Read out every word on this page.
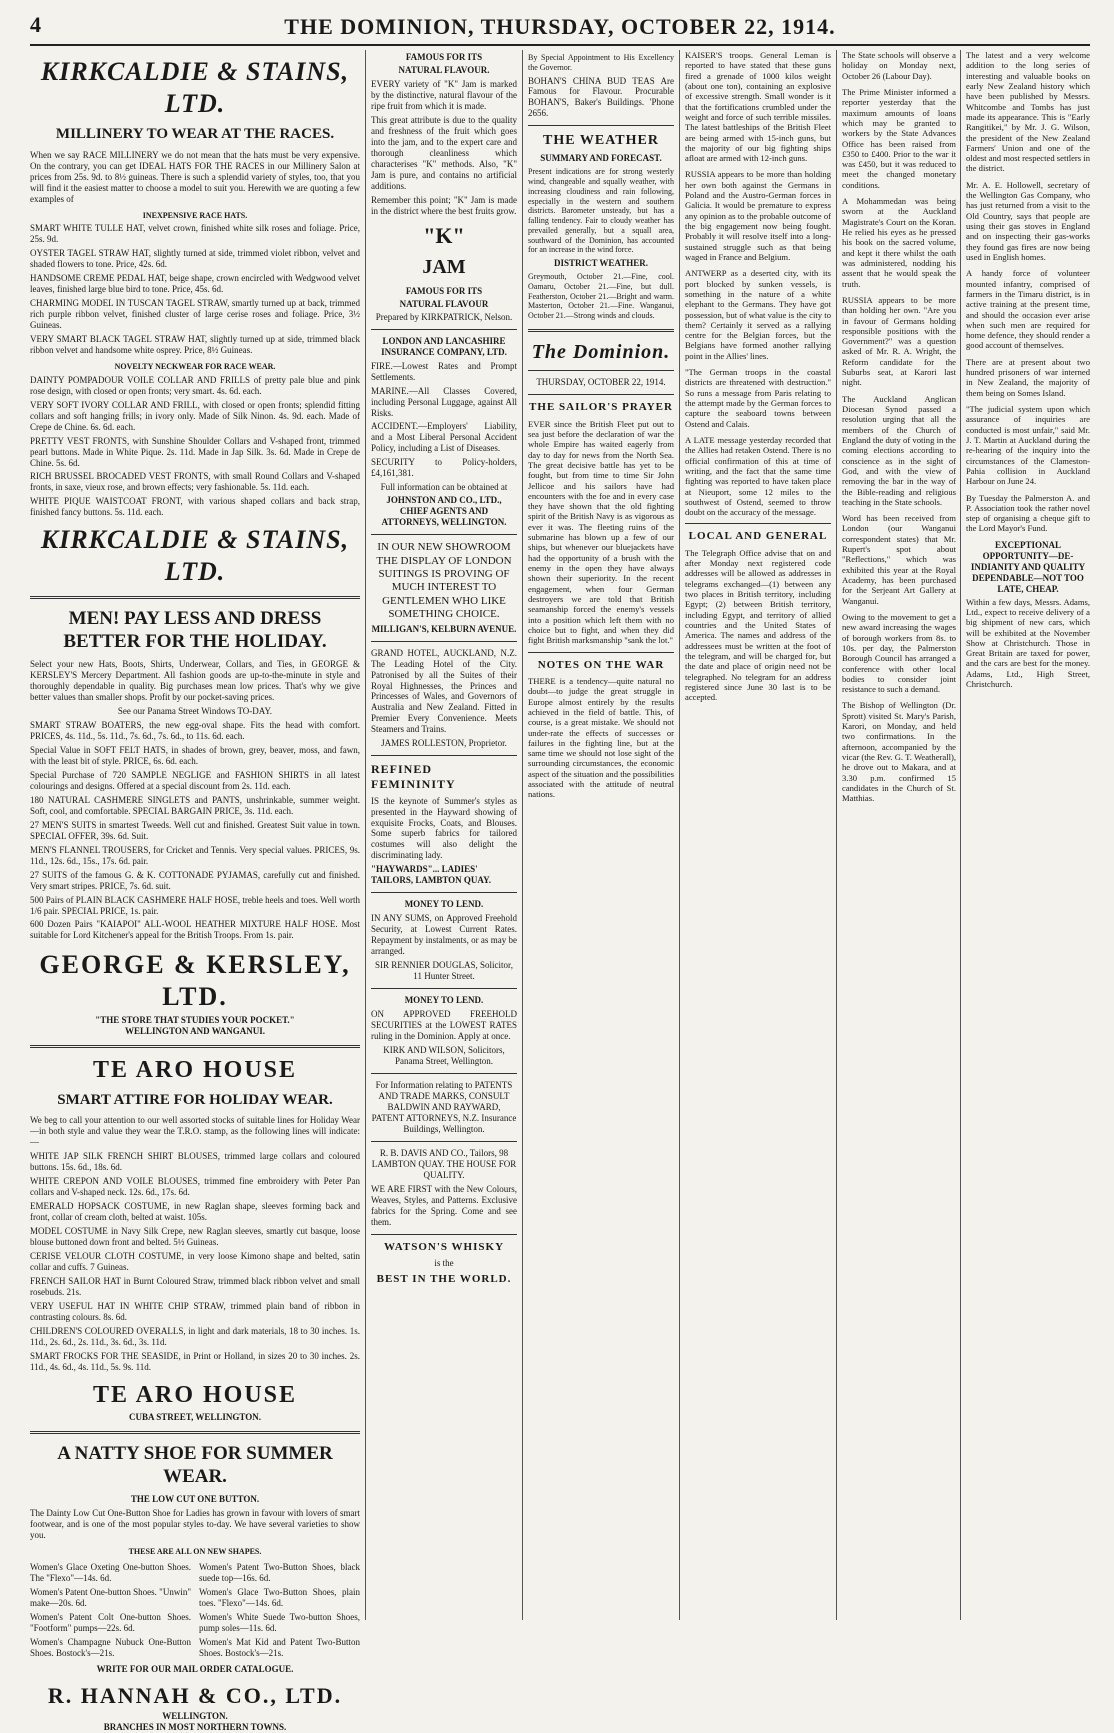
4	THE DOMINION, THURSDAY, OCTOBER 22, 1914.
KIRKCALDIE & STAINS, LTD.
MILLINERY TO WEAR AT THE RACES.
When we say RACE MILLINERY we do not mean that the hats must be very expensive. On the contrary, you can get IDEAL HATS FOR THE RACES in our Millinery Salon at prices from 25s. 9d. to 8½ guineas. There is such a splendid variety of styles, too, that you will find it the easiest matter to choose a model to suit you. Herewith we are quoting a few examples of
INEXPENSIVE RACE HATS.
SMART WHITE TULLE HAT, velvet crown, finished white silk roses and foliage. Price, 25s. 9d.
OYSTER TAGEL STRAW HAT, slightly turned at side, trimmed violet ribbon, velvet and shaded flowers to tone. Price, 42s. 6d.
HANDSOME CREME PEDAL HAT, beige shape, crown encircled with Wedgwood velvet leaves, finished large blue bird to tone. Price, 45s. 6d.
CHARMING MODEL IN TUSCAN TAGEL STRAW, smartly turned up at back, trimmed rich purple ribbon velvet, finished cluster of large cerise roses and foliage. Price, 3½ Guineas.
VERY SMART BLACK TAGEL STRAW HAT, slightly turned up at side, trimmed black ribbon velvet and handsome white osprey. Price, 8½ Guineas.
NOVELTY NECKWEAR FOR RACE WEAR.
DAINTY POMPADOUR VOILE COLLAR AND FRILLS of pretty pale blue and pink rose design, with closed or open fronts; very smart. 4s. 6d. each.
VERY SOFT IVORY COLLAR AND FRILL, with closed or open fronts; splendid fitting collars and soft hanging frills; in ivory only. Made of Silk Ninon. 4s. 9d. each. Made of Crepe de Chine. 6s. 6d. each.
PRETTY VEST FRONTS, with Sunshine Shoulder Collars and V-shaped front, trimmed pearl buttons. Made in White Pique. 2s. 11d. Made in Jap Silk. 3s. 6d. Made in Crepe de Chine. 5s. 6d.
RICH BRUSSEL BROCADED VEST FRONTS, with small Round Collars and V-shaped fronts, in saxe, vieux rose, and brown effects; very fashionable. 5s. 11d. each.
WHITE PIQUE WAISTCOAT FRONT, with various shaped collars and back strap, finished fancy buttons. 5s. 11d. each.
KIRKCALDIE & STAINS, LTD.
MEN! PAY LESS AND DRESS BETTER FOR THE HOLIDAY.
Select your new Hats, Boots, Shirts, Underwear, Collars, and Ties, in GEORGE & KERSLEY'S Mercery Department. All fashion goods are up-to-the-minute in style and thoroughly dependable in quality. Big purchases mean low prices. That's why we give better values than smaller shops. Profit by our pocket-saving prices.
See our Panama Street Windows TO-DAY.
SMART STRAW BOATERS, the new egg-oval shape. Fits the head with comfort. PRICES, 4s. 11d., 5s. 11d., 7s. 6d., 7s. 6d., to 11s. 6d. each.
Special Value in SOFT FELT HATS, in shades of brown, grey, beaver, moss, and fawn, with the least bit of style. PRICE, 6s. 6d. each.
Special Purchase of 720 SAMPLE NEGLIGE and FASHION SHIRTS in all latest colourings and designs. Offered at a special discount from 2s. 11d. each.
180 NATURAL CASHMERE SINGLETS and PANTS, unshrinkable, summer weight. Soft, cool, and comfortable. SPECIAL BARGAIN PRICE, 3s. 11d. each.
27 MEN'S SUITS in smartest Tweeds. Well cut and finished. Greatest Suit value in town. SPECIAL OFFER, 39s. 6d. Suit.
MEN'S FLANNEL TROUSERS, for Cricket and Tennis. Very special values. PRICES, 9s. 11d., 12s. 6d., 15s., 17s. 6d. pair.
27 SUITS of the famous G. & K. COTTONADE PYJAMAS, carefully cut and finished. Very smart stripes. PRICE, 7s. 6d. suit.
500 Pairs of PLAIN BLACK CASHMERE HALF HOSE, treble heels and toes. Well worth 1/6 pair. SPECIAL PRICE, 1s. pair.
600 Dozen Pairs "KAIAPOI" ALL-WOOL HEATHER MIXTURE HALF HOSE. Most suitable for Lord Kitchener's appeal for the British Troops. From 1s. pair.
GEORGE & KERSLEY, LTD.
"THE STORE THAT STUDIES YOUR POCKET."
WELLINGTON AND WANGANUI.
TE ARO HOUSE
SMART ATTIRE FOR HOLIDAY WEAR.
We beg to call your attention to our well assorted stocks of suitable lines for Holiday Wear—in both style and value they wear the T.R.O. stamp, as the following lines will indicate:—
WHITE JAP SILK FRENCH SHIRT BLOUSES, trimmed large collars and coloured buttons. 15s. 6d., 18s. 6d.
WHITE CREPON AND VOILE BLOUSES, trimmed fine embroidery with Peter Pan collars and V-shaped neck. 12s. 6d., 17s. 6d.
EMERALD HOPSACK COSTUME, in new Raglan shape, sleeves forming back and front, collar of cream cloth, belted at waist. 105s.
MODEL COSTUME in Navy Silk Crepe, new Raglan sleeves, smartly cut basque, loose blouse buttoned down front and belted. 5½ Guineas.
CERISE VELOUR CLOTH COSTUME, in very loose Kimono shape and belted, satin collar and cuffs. 7 Guineas.
FRENCH SAILOR HAT in Burnt Coloured Straw, trimmed black ribbon velvet and small rosebuds. 21s.
VERY USEFUL HAT IN WHITE CHIP STRAW, trimmed plain band of ribbon in contrasting colours. 8s. 6d.
CHILDREN'S COLOURED OVERALLS, in light and dark materials, 18 to 30 inches. 1s. 11d., 2s. 6d., 2s. 11d., 3s. 6d., 3s. 11d.
SMART FROCKS FOR THE SEASIDE, in Print or Holland, in sizes 20 to 30 inches. 2s. 11d., 4s. 6d., 4s. 11d., 5s. 9s. 11d.
TE ARO HOUSE
CUBA STREET, WELLINGTON.
A NATTY SHOE FOR SUMMER WEAR.
THE LOW CUT ONE BUTTON.
The Dainty Low Cut One-Button Shoe for Ladies has grown in favour with lovers of smart footwear, and is one of the most popular styles to-day. We have several varieties to show you.
THESE ARE ALL ON NEW SHAPES.
Women's Glace Oxeting One-button Shoes. The "Flexo"—14s. 6d.
Women's Patent One-button Shoes. "Unwin" make—20s. 6d.
Women's Patent Colt One-button Shoes. "Footform" pumps—22s. 6d.
Women's Champagne Nubuck One-Button Shoes. Bostock's—21s.
Women's Patent Two-Button Shoes, black suede top—16s. 6d.
Women's Glace Two-Button Shoes, plain toes. "Flexo"—14s. 6d.
Women's White Suede Two-button Shoes, pump soles—11s. 6d.
Women's Mat Kid and Patent Two-Button Shoes. Bostock's—21s.
WRITE FOR OUR MAIL ORDER CATALOGUE.
R. HANNAH & CO., LTD.
WELLINGTON.
BRANCHES IN MOST NORTHERN TOWNS.
FAMOUS FOR ITS
NATURAL FLAVOUR.
EVERY variety of "K" Jam is marked by the distinctive, natural flavour of the ripe fruit from which it is made.
This great attribute is due to the quality and freshness of the fruit which goes into the jam, and to the expert care and thorough cleanliness which characterises "K" methods. Also, "K" Jam is pure, and contains no artificial additions.
Remember this point; "K" Jam is made in the district where the best fruits grow.
"K"
JAM
FAMOUS FOR ITS
NATURAL FLAVOUR
Prepared by KIRKPATRICK, Nelson.
LONDON AND LANCASHIRE INSURANCE COMPANY, LTD.
FIRE.—Lowest Rates and Prompt Settlements.
MARINE.—All Classes Covered, including Personal Luggage, against All Risks.
ACCIDENT.—Employers' Liability, and a Most Liberal Personal Accident Policy, including a List of Diseases.
SECURITY to Policy-holders, £4,161,381.
Full information can be obtained at
JOHNSTON AND CO., LTD., CHIEF AGENTS AND ATTORNEYS, WELLINGTON.
IN OUR NEW SHOWROOM THE DISPLAY OF LONDON SUITINGS IS PROVING OF MUCH INTEREST TO GENTLEMEN WHO LIKE SOMETHING CHOICE.
MILLIGAN'S, KELBURN AVENUE.
GRAND HOTEL, AUCKLAND, N.Z. The Leading Hotel of the City. Patronised by all the Suites of their Royal Highnesses, the Princes and Princesses of Wales, and Governors of Australia and New Zealand. Fitted in Premier Every Convenience. Meets Steamers and Trains.
JAMES ROLLESTON, Proprietor.
REFINED FEMININITY
IS the keynote of Summer's styles as presented in the Hayward showing of exquisite Frocks, Coats, and Blouses. Some superb fabrics for tailored costumes will also delight the discriminating lady.
"HAYWARDS"... LADIES' TAILORS, LAMBTON QUAY.
MONEY TO LEND.
IN ANY SUMS, on Approved Freehold Security, at Lowest Current Rates. Repayment by instalments, or as may be arranged.
SIR RENNIER DOUGLAS, Solicitor, 11 Hunter Street.
MONEY TO LEND.
ON APPROVED FREEHOLD SECURITIES at the LOWEST RATES ruling in the Dominion. Apply at once.
KIRK AND WILSON, Solicitors, Panama Street, Wellington.
For Information relating to PATENTS AND TRADE MARKS, CONSULT BALDWIN AND RAYWARD, PATENT ATTORNEYS, N.Z. Insurance Buildings, Wellington.
R. B. DAVIS AND CO., Tailors, 98 LAMBTON QUAY. THE HOUSE FOR QUALITY.
WE ARE FIRST with the New Colours, Weaves, Styles, and Patterns. Exclusive fabrics for the Spring. Come and see them.
WATSON'S WHISKY
is the
BEST IN THE WORLD.
By Special Appointment to His Excellency the Governor.
BOHAN'S CHINA BUD TEAS Are Famous for Flavour. Procurable BOHAN'S, Baker's Buildings. 'Phone 2656.
THE WEATHER
SUMMARY AND FORECAST.
Present indications are for strong westerly wind, changeable and squally weather, with increasing cloudiness and rain following, especially in the western and southern districts. Barometer unsteady, but has a falling tendency. Fair to cloudy weather has prevailed generally, but a squall area, southward of the Dominion, has accounted for an increase in the wind force.
DISTRICT WEATHER.
Greymouth, October 21.—Fine, cool. Oamaru, October 21.—Fine, but dull. Featherston, October 21.—Bright and warm. Masterton, October 21.—Fine. Wanganui, October 21.—Strong winds and clouds.
The Dominion.
THURSDAY, OCTOBER 22, 1914.
THE SAILOR'S PRAYER
EVER since the British Fleet put out to sea just before the declaration of war the whole Empire has waited eagerly from day to day for news from the North Sea. The great decisive battle has yet to be fought, but from time to time Sir John Jellicoe and his sailors have had encounters with the foe and in every case they have shown that the old fighting spirit of the British Navy is as vigorous as ever it was. The fleeting ruins of the submarine has blown up a few of our ships, but whenever our bluejackets have had the opportunity of a brush with the enemy in the open they have always shown their superiority. In the recent engagement, when four German destroyers we are told that British seamanship forced the enemy's vessels into a position which left them with no choice but to fight, and when they did fight British marksmanship "sank the lot."
NOTES ON THE WAR
THERE is a tendency—quite natural no doubt—to judge the great struggle in Europe almost entirely by the results achieved in the field of battle. This, of course, is a great mistake. We should not under-rate the effects of successes or failures in the fighting line, but at the same time we should not lose sight of the surrounding circumstances, the economic aspect of the situation and the possibilities associated with the attitude of neutral nations.
KAISER'S troops. General Leman is reported to have stated that these guns fired a grenade of 1000 kilos weight (about one ton), containing an explosive of excessive strength. Small wonder is it that the fortifications crumbled under the weight and force of such terrible missiles. The latest battleships of the British Fleet are being armed with 15-inch guns, but the majority of our big fighting ships afloat are armed with 12-inch guns.
RUSSIA appears to be more than holding her own both against the Germans in Poland and the Austro-German forces in Galicia. It would be premature to express any opinion as to the probable outcome of the big engagement now being fought. Probably it will resolve itself into a long-sustained struggle such as that being waged in France and Belgium.
ANTWERP as a deserted city, with its port blocked by sunken vessels, is something in the nature of a white elephant to the Germans. They have got possession, but of what value is the city to them? Certainly it served as a rallying centre for the Belgian forces, but the Belgians have formed another rallying point in the Allies' lines.
"The German troops in the coastal districts are threatened with destruction." So runs a message from Paris relating to the attempt made by the German forces to capture the seaboard towns between Ostend and Calais.
A LATE message yesterday recorded that the Allies had retaken Ostend. There is no official confirmation of this at time of writing, and the fact that the same time fighting was reported to have taken place at Nieuport, some 12 miles to the southwest of Ostend, seemed to throw doubt on the accuracy of the message.
LOCAL AND GENERAL
The Telegraph Office advise that on and after Monday next registered code addresses will be allowed as addresses in telegrams exchanged—(1) between any two places in British territory, including Egypt; (2) between British territory, including Egypt, and territory of allied countries and the United States of America. The names and address of the addressees must be written at the foot of the telegram, and will be charged for, but the date and place of origin need not be telegraphed. No telegram for an address registered since June 30 last is to be accepted.
The State schools will observe a holiday on Monday next, October 26 (Labour Day).
The Prime Minister informed a reporter yesterday that the maximum amounts of loans which may be granted to workers by the State Advances Office has been raised from £350 to £400. Prior to the war it was £450, but it was reduced to meet the changed monetary conditions.
A Mohammedan was being sworn at the Auckland Magistrate's Court on the Koran. He relied his eyes as he pressed his book on the sacred volume, and kept it there whilst the oath was administered, nodding his assent that he would speak the truth.
RUSSIA appears to be more than holding her own. "Are you in favour of Germans holding responsible positions with the Government?" was a question asked of Mr. R. A. Wright, the Reform candidate for the Suburbs seat, at Karori last night.
The Auckland Anglican Diocesan Synod passed a resolution urging that all the members of the Church of England the duty of voting in the coming elections according to conscience as in the sight of God, and with the view of removing the bar in the way of the Bible-reading and religious teaching in the State schools.
Word has been received from London (our Wanganui correspondent states) that Mr. Rupert's spot about "Reflections," which was exhibited this year at the Royal Academy, has been purchased for the Serjeant Art Gallery at Wanganui.
Owing to the movement to get a new award increasing the wages of borough workers from 8s. to 10s. per day, the Palmerston Borough Council has arranged a conference with other local bodies to consider joint resistance to such a demand.
The Bishop of Wellington (Dr. Sprott) visited St. Mary's Parish, Karori, on Monday, and held two confirmations. In the afternoon, accompanied by the vicar (the Rev. G. T. Weatherall), he drove out to Makara, and at 3.30 p.m. confirmed 15 candidates in the Church of St. Matthias.
The latest and a very welcome addition to the long series of interesting and valuable books on early New Zealand history which have been published by Messrs. Whitcombe and Tombs has just made its appearance. This is "Early Rangitikei," by Mr. J. G. Wilson, the president of the New Zealand Farmers' Union and one of the oldest and most respected settlers in the district.
Mr. A. E. Hollowell, secretary of the Wellington Gas Company, who has just returned from a visit to the Old Country, says that people are using their gas stoves in England and on inspecting their gas-works they found gas fires are now being used in English homes.
A handy force of volunteer mounted infantry, comprised of farmers in the Timaru district, is in active training at the present time, and should the occasion ever arise when such men are required for home defence, they should render a good account of themselves.
There are at present about two hundred prisoners of war interned in New Zealand, the majority of them being on Somes Island.
"The judicial system upon which assurance of inquiries are conducted is most unfair," said Mr. J. T. Martin at Auckland during the re-hearing of the inquiry into the circumstances of the Clameston-Pahia collision in Auckland Harbour on June 24.
By Tuesday the Palmerston A. and P. Association took the rather novel step of organising a cheque gift to the Lord Mayor's Fund.
EXCEPTIONAL OPPORTUNITY—DE-INDIANITY AND QUALITY DEPENDABLE—NOT TOO LATE, CHEAP.
Within a few days, Messrs. Adams, Ltd., expect to receive delivery of a big shipment of new cars, which will be exhibited at the November Show at Christchurch. Those in Great Britain are taxed for power, and the cars are best for the money. Adams, Ltd., High Street, Christchurch.
